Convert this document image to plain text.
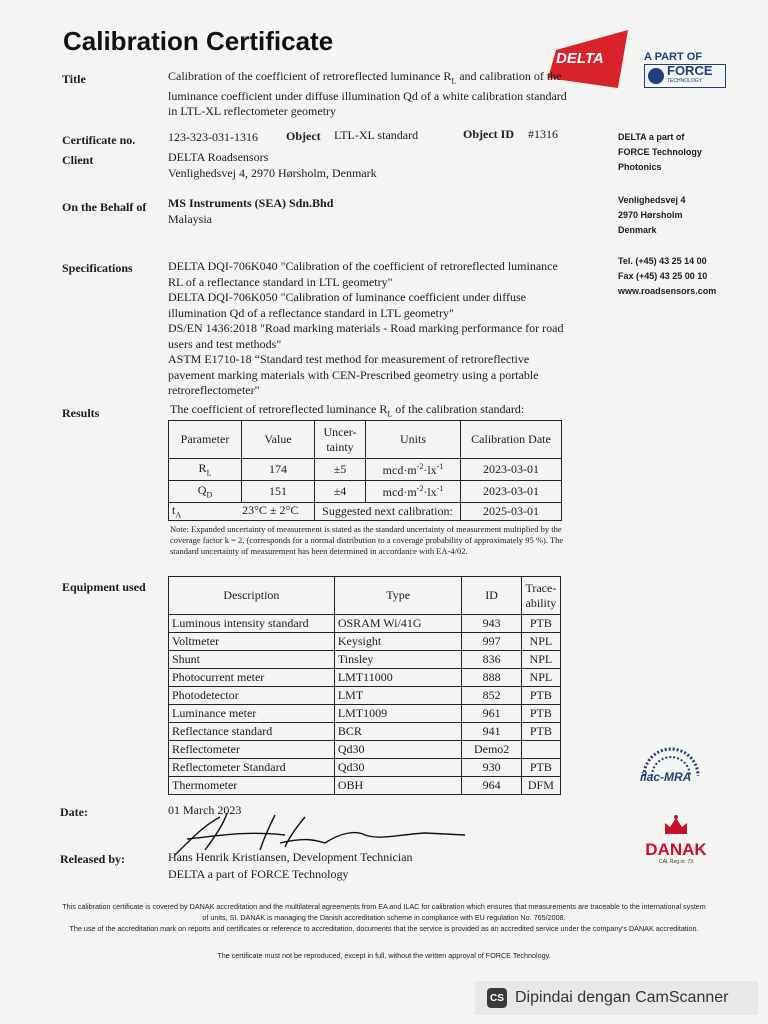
Calibration Certificate
DELTA	A PART OF
FORCE
TECHNOLOGY
Title	Calibration of the coefficient of retroreflected luminance $R_L$ and calibration of the luminance coefficient under diffuse illumination Qd of a white calibration standard in LTL-XL reflectometer geometry
Certificate no.	123-323-031-1316 Object LTL-XL standard	Object ID #1316
Client	DELTA Roadsensors
Venlighedsvej 4, 2970 Hørsholm, Denmark
On the Behalf of MS Instruments (SEA) Sdn.Bhd
Malaysia
Specifications	DELTA DQI-706K040 "Calibration of the coefficient of retroreflected luminance RL of a reflectance standard in LTL geometry"
DELTA DQI-706K050 "Calibration of luminance coefficient under diffuse illumination Qd of a reflectance standard in LTL geometry"
DS/EN 1436:2018 "Road marking materials - Road marking performance for road users and test methods"
ASTM E1710-18 “Standard test method for measurement of retroreflective pavement marking materials with CEN-Prescribed geometry using a portable retroreflectometer"
DELTA a part of
FORCE Technology
Photonics
Venlighedsvej 4
2970 Hørsholm
Denmark
Tel. (+45) 43 25 14 00
Fax (+45) 43 25 00 10
www.roadsensors.com
Results	The coefficient of retroreflected luminance $R_L$ of the calibration standard:
Parameter	Value	Uncer-tainty	Units	Calibration Date
$R_L$	174	±5	$mcd\cdot m^{-2}\cdot lx^{-1}$	2023-03-01
$Q_D$	151	±4	$mcd\cdot m^{-2}\cdot lx^{-1}$	2023-03-01
$t_A$ 23°C ± 2°C		Suggested next calibration:		2025-03-01
Note: Expanded uncertainty of measurement is stated as the standard uncertainty of measurement multiplied by the coverage factor k = 2, (corresponds for a normal distribution to a coverage probability of approximately 95 %). The standard uncertainty of measurement has been determined in accordance with EA-4/02.
Equipment used
Description	Type	ID	Trace-ability
Luminous intensity standard	OSRAM Wi/41G	943	PTB
Voltmeter	Keysight	997	NPL
Shunt	Tinsley	836	NPL
Photocurrent meter	LMT11000	888	NPL
Photodetector	LMT	852	PTB
Luminance meter	LMT1009	961	PTB
Reflectance standard	BCR	941	PTB
Reflectometer	Qd30	Demo2	
Reflectometer Standard	Qd30	930	PTB
Thermometer	OBH	964	DFM
ilac-MRA
DANAK
CAL Reg.nr. 73
Date:	01 March 2023
Released by:	Hans Henrik Kristiansen, Development Technician
DELTA a part of FORCE Technology
This calibration certificate is covered by DANAK accreditation and the multilateral agreements from EA and ILAC for calibration which ensures that measurements are traceable to the international system of units, SI. DANAK is managing the Danish accreditation scheme in compliance with EU regulation No. 765/2008.
The use of the accreditation mark on reports and certificates or reference to accreditation, documents that the service is provided as an accredited service under the company's DANAK accreditation.
The certificate must not be reproduced, except in full, without the written approval of FORCE Technology.
CS Dipindai dengan CamScanner
